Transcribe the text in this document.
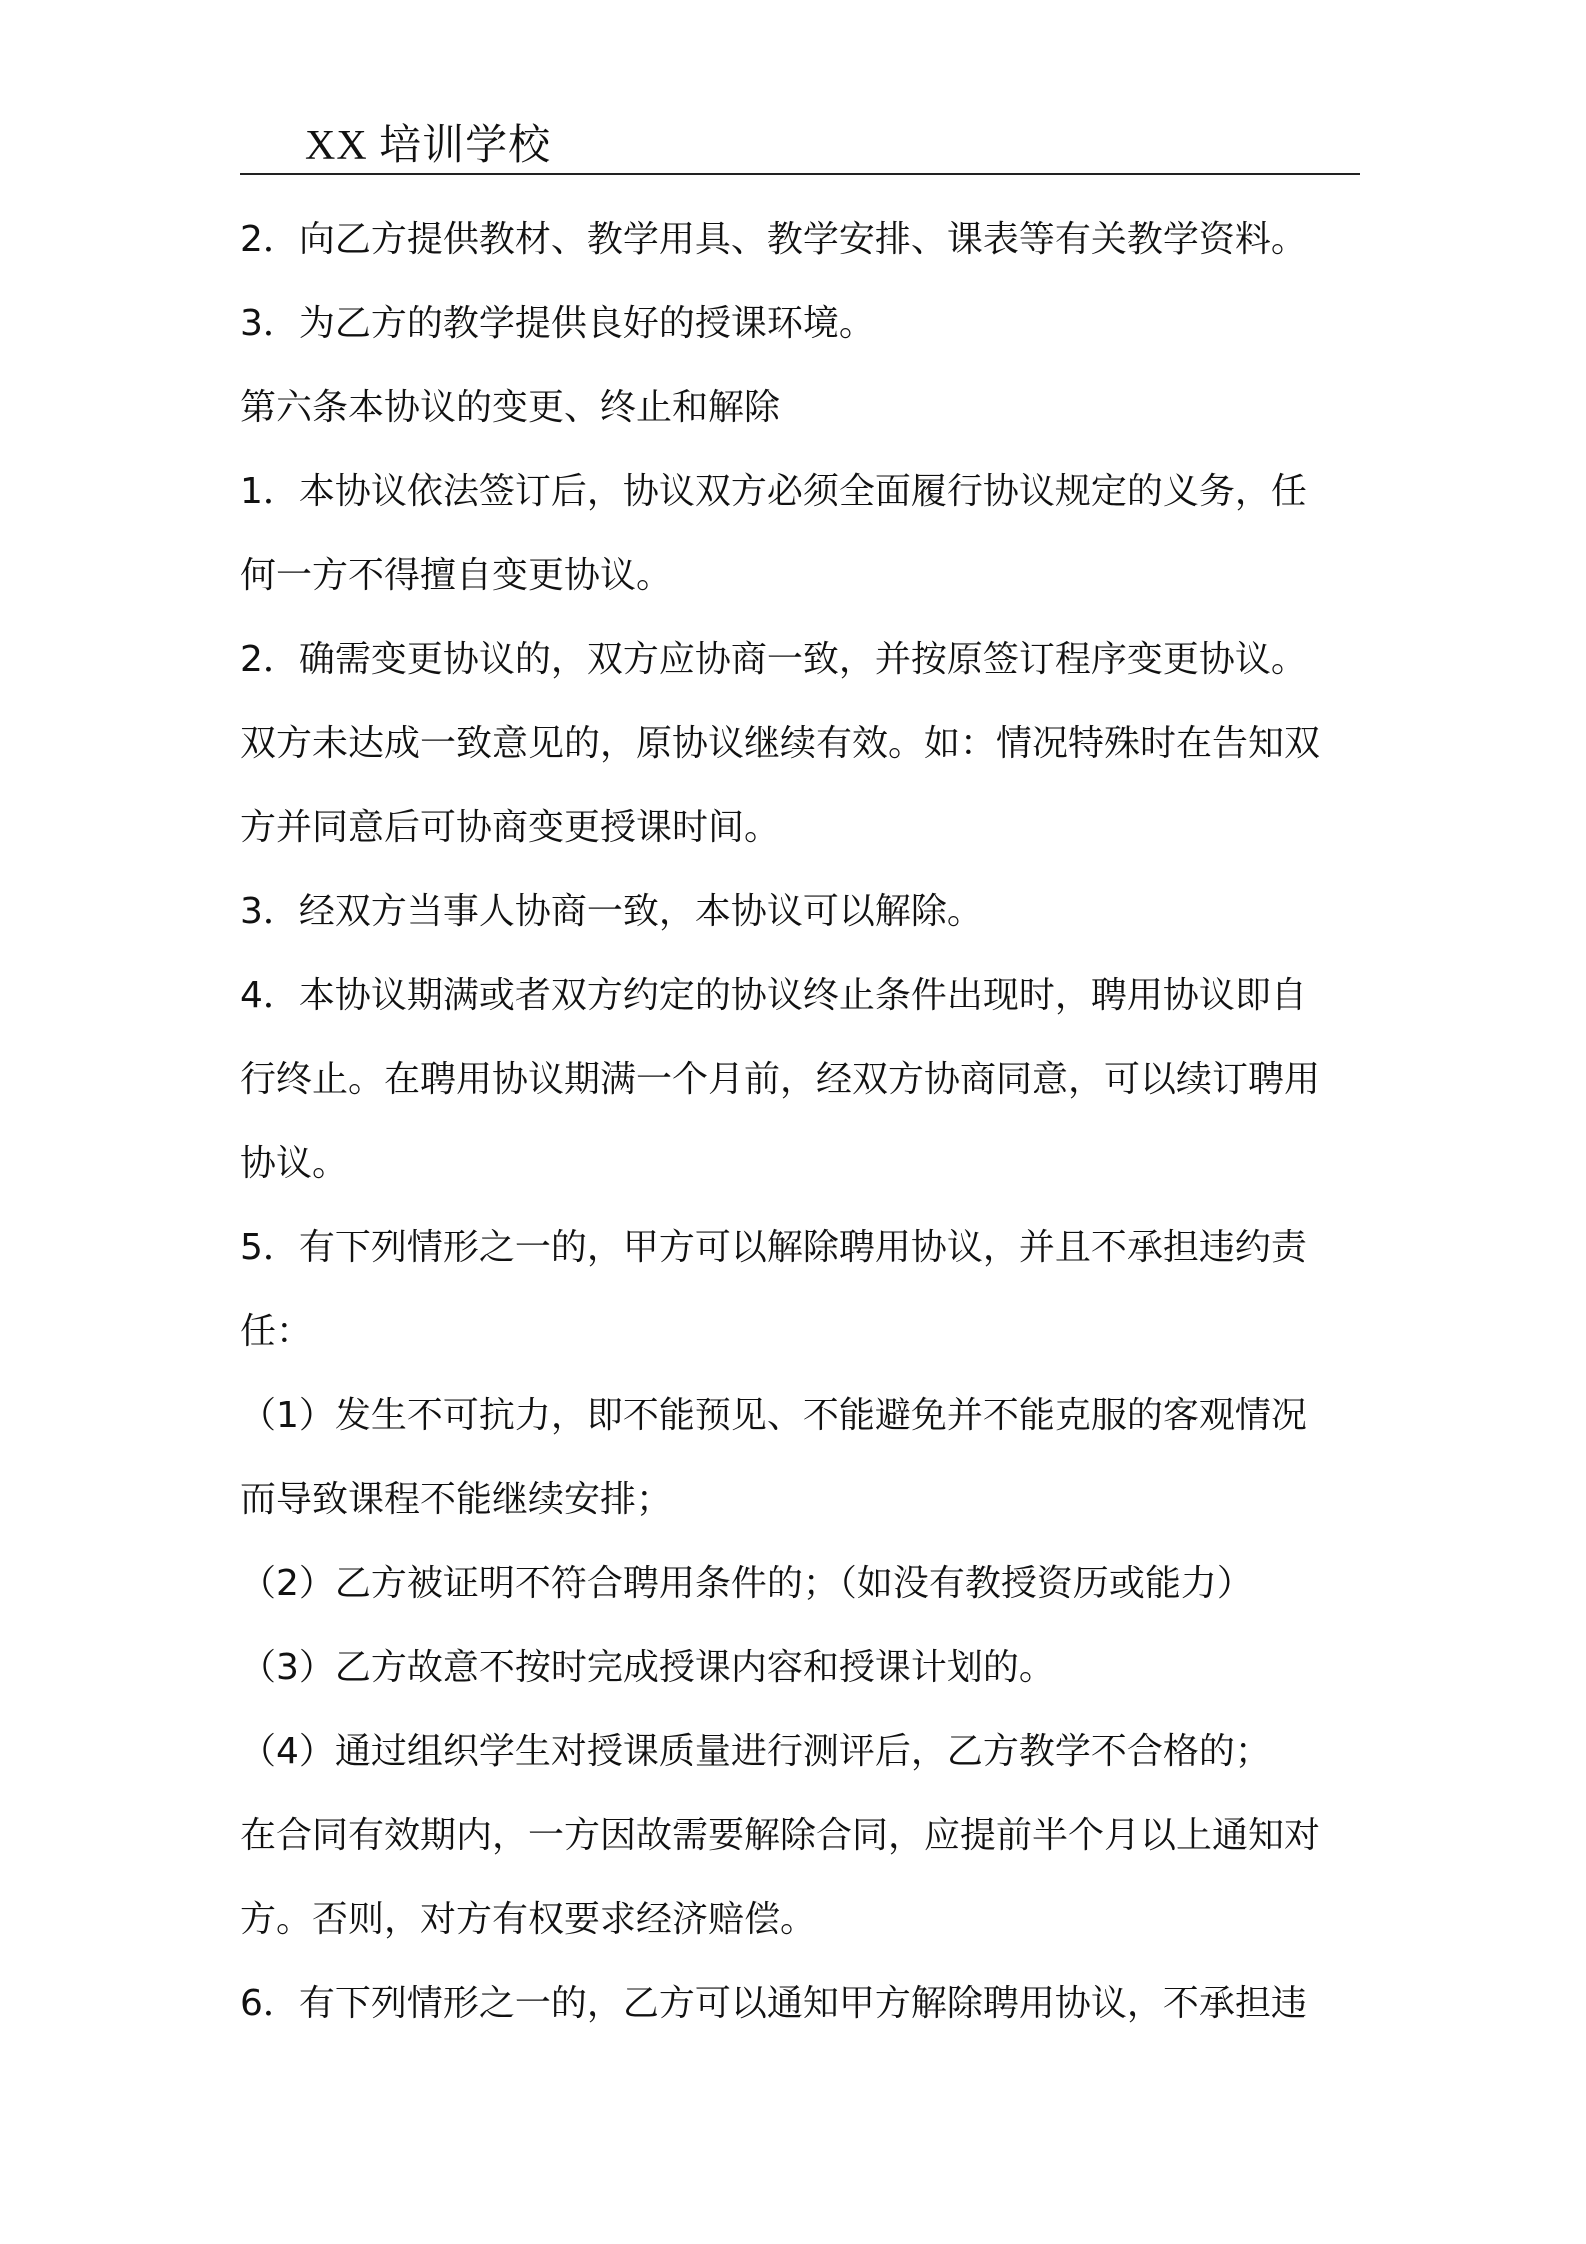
XX 培训学校
2．向乙方提供教材、教学用具、教学安排、课表等有关教学资料。
3．为乙方的教学提供良好的授课环境。
第六条本协议的变更、终止和解除
1．本协议依法签订后，协议双方必须全面履行协议规定的义务，任
何一方不得擅自变更协议。
2．确需变更协议的，双方应协商一致，并按原签订程序变更协议。
双方未达成一致意见的，原协议继续有效。如：情况特殊时在告知双
方并同意后可协商变更授课时间。
3．经双方当事人协商一致，本协议可以解除。
4．本协议期满或者双方约定的协议终止条件出现时，聘用协议即自
行终止。在聘用协议期满一个月前，经双方协商同意，可以续订聘用
协议。
5．有下列情形之一的，甲方可以解除聘用协议，并且不承担违约责
任：
（1）发生不可抗力，即不能预见、不能避免并不能克服的客观情况
而导致课程不能继续安排；
（2）乙方被证明不符合聘用条件的；（如没有教授资历或能力）
（3）乙方故意不按时完成授课内容和授课计划的。
（4）通过组织学生对授课质量进行测评后，乙方教学不合格的；
在合同有效期内，一方因故需要解除合同，应提前半个月以上通知对
方。否则，对方有权要求经济赔偿。
6．有下列情形之一的，乙方可以通知甲方解除聘用协议，不承担违
